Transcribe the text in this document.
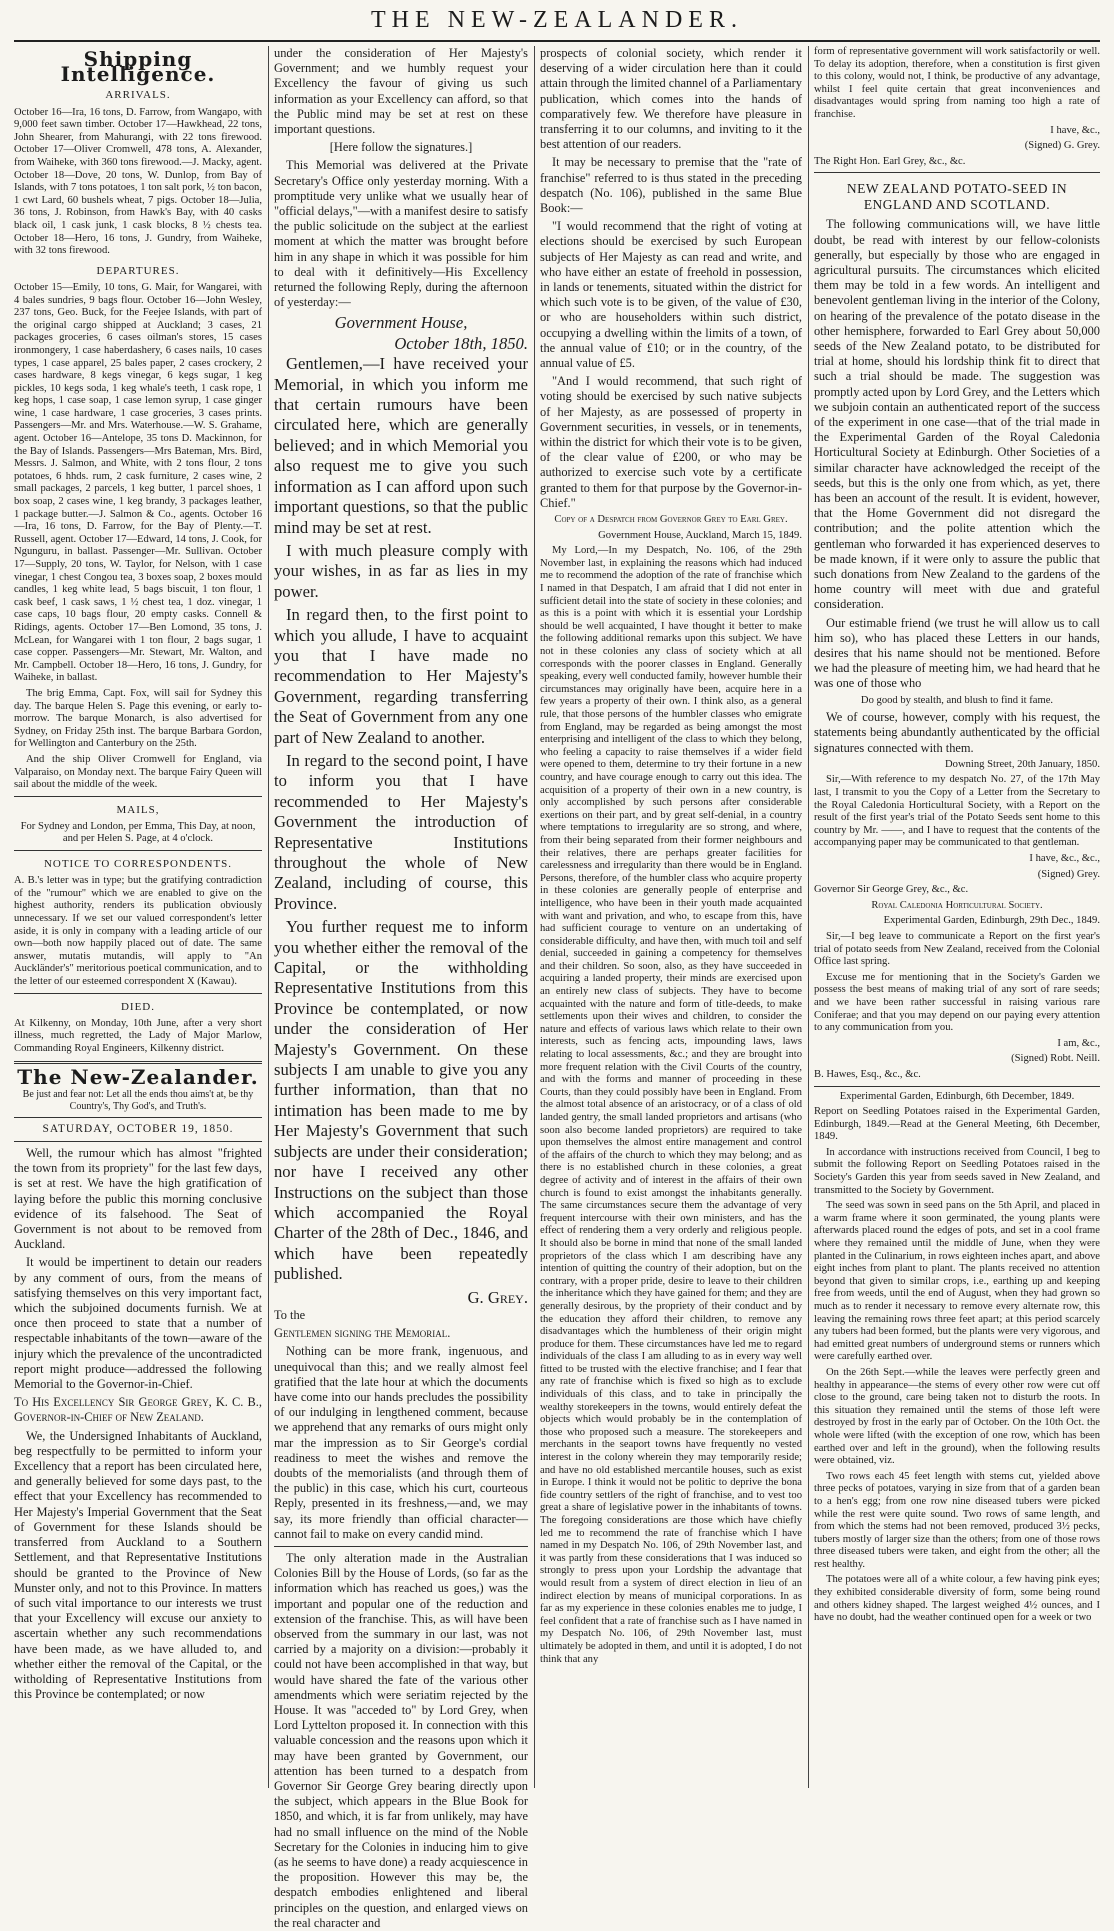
THE NEW-ZEALANDER.
Shipping Intelligence.
ARRIVALS.

October 16—Ira, 16 tons, D. Farrow, from Wangapo, with 9,000 feet sawn timber. October 17—Hawkhead, 22 tons, John Shearer, from Mahurangi, with 22 tons firewood. October 17—Oliver Cromwell, 478 tons, A. Alexander, from Waiheke, with 360 tons firewood.—J. Macky, agent. October 18—Dove, 20 tons, W. Dunlop, from Bay of Islands, with 7 tons potatoes, 1 ton salt pork, ½ ton bacon, 1 cwt Lard, 60 bushels wheat, 7 pigs. October 18—Julia, 36 tons, J. Robinson, from Hawk's Bay, with 40 casks black oil, 1 cask junk, 1 cask blocks, 8 ½ chests tea. October 18—Hero, 16 tons, J. Gundry, from Waiheke, with 32 tons firewood.

DEPARTURES.

October 15—Emily, 10 tons, G. Mair, for Wangarei, with 4 bales sundries, 9 bags flour. October 16—John Wesley, 237 tons, Geo. Buck, for the Feejee Islands, with part of the original cargo shipped at Auckland; 3 cases, 21 packages groceries, 6 cases oilman's stores, 15 cases ironmongery, 1 case haberdashery, 6 cases nails, 10 cases types, 1 case apparel, 25 bales paper, 2 cases crockery, 2 cases hardware, 8 kegs vinegar, 6 kegs sugar, 1 keg pickles, 10 kegs soda, 1 keg whale's teeth, 1 cask rope, 1 keg hops, 1 case soap, 1 case lemon syrup, 1 case ginger wine, 1 case hardware, 1 case groceries, 3 cases prints. Passengers—Mr. and Mrs. Waterhouse.—W. S. Grahame, agent. October 16—Antelope, 35 tons D. Mackinnon, for the Bay of Islands. Passengers—Mrs Bateman, Mrs. Bird, Messrs. J. Salmon, and White, with 2 tons flour, 2 tons potatoes, 6 hhds. rum, 2 cask furniture, 2 cases wine, 2 small packages, 2 parcels, 1 keg butter, 1 parcel shoes, 1 box soap, 2 cases wine, 1 keg brandy, 3 packages leather, 1 package butter.—J. Salmon & Co., agents. October 16—Ira, 16 tons, D. Farrow, for the Bay of Plenty.—T. Russell, agent. October 17—Edward, 14 tons, J. Cook, for Ngunguru, in ballast. Passenger—Mr. Sullivan. October 17—Supply, 20 tons, W. Taylor, for Nelson, with 1 case vinegar, 1 chest Congou tea, 3 boxes soap, 2 boxes mould candles, 1 keg white lead, 5 bags biscuit, 1 ton flour, 1 cask beef, 1 cask saws, 1 ½ chest tea, 1 doz. vinegar, 1 case caps, 10 bags flour, 20 empty casks. Connell & Ridings, agents. October 17—Ben Lomond, 35 tons, J. McLean, for Wangarei with 1 ton flour, 2 bags sugar, 1 case copper. Passengers—Mr. Stewart, Mr. Walton, and Mr. Campbell. October 18—Hero, 16 tons, J. Gundry, for Waiheke, in ballast.

The brig Emma, Capt. Fox, will sail for Sydney this day. The barque Helen S. Page this evening, or early to-morrow. The barque Monarch, is also advertised for Sydney, on Friday 25th inst. The barque Barbara Gordon, for Wellington and Canterbury on the 25th.

And the ship Oliver Cromwell for England, via Valparaiso, on Monday next. The barque Fairy Queen will sail about the middle of the week.

MAILS,

For Sydney and London, per Emma, This Day, at noon, and per Helen S. Page, at 4 o'clock.

NOTICE TO CORRESPONDENTS.

A. B.'s letter was in type; but the gratifying contradiction of the "rumour" which we are enabled to give on the highest authority, renders its publication obviously unnecessary. If we set our valued correspondent's letter aside, it is only in company with a leading article of our own—both now happily placed out of date. The same answer, mutatis mutandis, will apply to "An Auckländer's" meritorious poetical communication, and to the letter of our esteemed correspondent X (Kawau).

DIED.

At Kilkenny, on Monday, 10th June, after a very short illness, much regretted, the Lady of Major Marlow, Commanding Royal Engineers, Kilkenny district.

The New-Zealander.

Be just and fear not: Let all the ends thou aims't at, be thy Country's, Thy God's, and Truth's.

SATURDAY, OCTOBER 19, 1850.

Well, the rumour which has almost "frighted the town from its propriety" for the last few days, is set at rest. We have the high gratification of laying before the public this morning conclusive evidence of its falsehood. The Seat of Government is not about to be removed from Auckland.

It would be impertinent to detain our readers by any comment of ours, from the means of satisfying themselves on this very important fact, which the subjoined documents furnish. We at once then proceed to state that a number of respectable inhabitants of the town—aware of the injury which the prevalence of the uncontradicted report might produce—addressed the following Memorial to the Governor-in-Chief.

To His Excellency Sir George Grey, K. C. B., Governor-in-Chief of New Zealand.

We, the Undersigned Inhabitants of Auckland, beg respectfully to be permitted to inform your Excellency that a report has been circulated here, and generally believed for some days past, to the effect that your Excellency has recommended to Her Majesty's Imperial Government that the Seat of Government for these Islands should be transferred from Auckland to a Southern Settlement, and that Representative Institutions should be granted to the Province of New Munster only, and not to this Province. In matters of such vital importance to our interests we trust that your Excellency will excuse our anxiety to ascertain whether any such recommendations have been made, as we have alluded to, and whether either the removal of the Capital, or the witholding of Representative Institutions from this Province be contemplated; or now

under the consideration of Her Majesty's Government; and we humbly request your Excellency the favour of giving us such information as your Excellency can afford, so that the Public mind may be set at rest on these important questions.

[Here follow the signatures.]

This Memorial was delivered at the Private Secretary's Office only yesterday morning. With a promptitude very unlike what we usually hear of "official delays,"—with a manifest desire to satisfy the public solicitude on the subject at the earliest moment at which the matter was brought before him in any shape in which it was possible for him to deal with it definitively—His Excellency returned the following Reply, during the afternoon of yesterday:—

Government House,
October 18th, 1850.

Gentlemen,—I have received your Memorial, in which you inform me that certain rumours have been circulated here, which are generally believed; and in which Memorial you also request me to give you such information as I can afford upon such important questions, so that the public mind may be set at rest.

I with much pleasure comply with your wishes, in as far as lies in my power.

In regard then, to the first point to which you allude, I have to acquaint you that I have made no recommendation to Her Majesty's Government, regarding transferring the Seat of Government from any one part of New Zealand to another.

In regard to the second point, I have to inform you that I have recommended to Her Majesty's Government the introduction of Representative Institutions throughout the whole of New Zealand, including of course, this Province.

You further request me to inform you whether either the removal of the Capital, or the withholding Representative Institutions from this Province be contemplated, or now under the consideration of Her Majesty's Government. On these subjects I am unable to give you any further information, than that no intimation has been made to me by Her Majesty's Government that such subjects are under their consideration; nor have I received any other Instructions on the subject than those which accompanied the Royal Charter of the 28th of Dec., 1846, and which have been repeatedly published.

G. Grey.

To the

Gentlemen signing the Memorial.

Nothing can be more frank, ingenuous, and unequivocal than this; and we really almost feel gratified that the late hour at which the documents have come into our hands precludes the possibility of our indulging in lengthened comment, because we apprehend that any remarks of ours might only mar the impression as to Sir George's cordial readiness to meet the wishes and remove the doubts of the memorialists (and through them of the public) in this case, which his curt, courteous Reply, presented in its freshness,—and, we may say, its more friendly than official character—cannot fail to make on every candid mind.

The only alteration made in the Australian Colonies Bill by the House of Lords, (so far as the information which has reached us goes,) was the important and popular one of the reduction and extension of the franchise. This, as will have been observed from the summary in our last, was not carried by a majority on a division:—probably it could not have been accomplished in that way, but would have shared the fate of the various other amendments which were seriatim rejected by the House. It was "acceded to" by Lord Grey, when Lord Lyttelton proposed it. In connection with this valuable concession and the reasons upon which it may have been granted by Government, our attention has been turned to a despatch from Governor Sir George Grey bearing directly upon the subject, which appears in the Blue Book for 1850, and which, it is far from unlikely, may have had no small influence on the mind of the Noble Secretary for the Colonies in inducing him to give (as he seems to have done) a ready acquiescence in the proposition. However this may be, the despatch embodies enlightened and liberal principles on the question, and enlarged views on the real character and

prospects of colonial society, which render it deserving of a wider circulation here than it could attain through the limited channel of a Parliamentary publication, which comes into the hands of comparatively few. We therefore have pleasure in transferring it to our columns, and inviting to it the best attention of our readers.

It may be necessary to premise that the "rate of franchise" referred to is thus stated in the preceding despatch (No. 106), published in the same Blue Book:—

"I would recommend that the right of voting at elections should be exercised by such European subjects of Her Majesty as can read and write, and who have either an estate of freehold in possession, in lands or tenements, situated within the district for which such vote is to be given, of the value of £30, or who are householders within such district, occupying a dwelling within the limits of a town, of the annual value of £10; or in the country, of the annual value of £5.

"And I would recommend, that such right of voting should be exercised by such native subjects of her Majesty, as are possessed of property in Government securities, in vessels, or in tenements, within the district for which their vote is to be given, of the clear value of £200, or who may be authorized to exercise such vote by a certificate granted to them for that purpose by the Governor-in-Chief."

Copy of a Despatch from Governor Grey to Earl Grey.

Government House, Auckland, March 15, 1849.

My Lord,—In my Despatch, No. 106, of the 29th November last, in explaining the reasons which had induced me to recommend the adoption of the rate of franchise which I named in that Despatch, I am afraid that I did not enter in sufficient detail into the state of society in these colonies; and as this is a point with which it is essential your Lordship should be well acquainted, I have thought it better to make the following additional remarks upon this subject. We have not in these colonies any class of society which at all corresponds with the poorer classes in England. Generally speaking, every well conducted family, however humble their circumstances may originally have been, acquire here in a few years a property of their own. I think also, as a general rule, that those persons of the humbler classes who emigrate from England, may be regarded as being amongst the most enterprising and intelligent of the class to which they belong, who feeling a capacity to raise themselves if a wider field were opened to them, determine to try their fortune in a new country, and have courage enough to carry out this idea. The acquisition of a property of their own in a new country, is only accomplished by such persons after considerable exertions on their part, and by great self-denial, in a country where temptations to irregularity are so strong, and where, from their being separated from their former neighbours and their relatives, there are perhaps greater facilities for carelessness and irregularity than there would be in England. Persons, therefore, of the humbler class who acquire property in these colonies are generally people of enterprise and intelligence, who have been in their youth made acquainted with want and privation, and who, to escape from this, have had sufficient courage to venture on an undertaking of considerable difficulty, and have then, with much toil and self denial, succeeded in gaining a competency for themselves and their children. So soon, also, as they have succeeded in acquiring a landed property, their minds are exercised upon an entirely new class of subjects. They have to become acquainted with the nature and form of title-deeds, to make settlements upon their wives and children, to consider the nature and effects of various laws which relate to their own interests, such as fencing acts, impounding laws, laws relating to local assessments, &c.; and they are brought into more frequent relation with the Civil Courts of the country, and with the forms and manner of proceeding in these Courts, than they could possibly have been in England. From the almost total absence of an aristocracy, or of a class of old landed gentry, the small landed proprietors and artisans (who soon also become landed proprietors) are required to take upon themselves the almost entire management and control of the affairs of the church to which they may belong; and as there is no established church in these colonies, a great degree of activity and of interest in the affairs of their own church is found to exist amongst the inhabitants generally. The same circumstances secure them the advantage of very frequent intercourse with their own ministers, and has the effect of rendering them a very orderly and religious people. It should also be borne in mind that none of the small landed proprietors of the class which I am describing have any intention of quitting the country of their adoption, but on the contrary, with a proper pride, desire to leave to their children the inheritance which they have gained for them; and they are generally desirous, by the propriety of their conduct and by the education they afford their children, to remove any disadvantages which the humbleness of their origin might produce for them. These circumstances have led me to regard individuals of the class I am alluding to as in every way well fitted to be trusted with the elective franchise; and I fear that any rate of franchise which is fixed so high as to exclude individuals of this class, and to take in principally the wealthy storekeepers in the towns, would entirely defeat the objects which would probably be in the contemplation of those who proposed such a measure. The storekeepers and merchants in the seaport towns have frequently no vested interest in the colony wherein they may temporarily reside; and have no old established mercantile houses, such as exist in Europe. I think it would not be politic to deprive the bona fide country settlers of the right of franchise, and to vest too great a share of legislative power in the inhabitants of towns. The foregoing considerations are those which have chiefly led me to recommend the rate of franchise which I have named in my Despatch No. 106, of 29th November last, and it was partly from these considerations that I was induced so strongly to press upon your Lordship the advantage that would result from a system of direct election in lieu of an indirect election by means of municipal corporations. In as far as my experience in these colonies enables me to judge, I feel confident that a rate of franchise such as I have named in my Despatch No. 106, of 29th November last, must ultimately be adopted in them, and until it is adopted, I do not think that any

form of representative government will work satisfactorily or well. To delay its adoption, therefore, when a constitution is first given to this colony, would not, I think, be productive of any advantage, whilst I feel quite certain that great inconveniences and disadvantages would spring from naming too high a rate of franchise.

I have, &c.,

(Signed) G. Grey.

The Right Hon. Earl Grey, &c., &c.

NEW ZEALAND POTATO-SEED IN ENGLAND AND SCOTLAND.

The following communications will, we have little doubt, be read with interest by our fellow-colonists generally, but especially by those who are engaged in agricultural pursuits. The circumstances which elicited them may be told in a few words. An intelligent and benevolent gentleman living in the interior of the Colony, on hearing of the prevalence of the potato disease in the other hemisphere, forwarded to Earl Grey about 50,000 seeds of the New Zealand potato, to be distributed for trial at home, should his lordship think fit to direct that such a trial should be made. The suggestion was promptly acted upon by Lord Grey, and the Letters which we subjoin contain an authenticated report of the success of the experiment in one case—that of the trial made in the Experimental Garden of the Royal Caledonia Horticultural Society at Edinburgh. Other Societies of a similar character have acknowledged the receipt of the seeds, but this is the only one from which, as yet, there has been an account of the result. It is evident, however, that the Home Government did not disregard the contribution; and the polite attention which the gentleman who forwarded it has experienced deserves to be made known, if it were only to assure the public that such donations from New Zealand to the gardens of the home country will meet with due and grateful consideration.

Our estimable friend (we trust he will allow us to call him so), who has placed these Letters in our hands, desires that his name should not be mentioned. Before we had the pleasure of meeting him, we had heard that he was one of those who

Do good by stealth, and blush to find it fame.

We of course, however, comply with his request, the statements being abundantly authenticated by the official signatures connected with them.

Downing Street, 20th January, 1850.

Sir,—With reference to my despatch No. 27, of the 17th May last, I transmit to you the Copy of a Letter from the Secretary to the Royal Caledonia Horticultural Society, with a Report on the result of the first year's trial of the Potato Seeds sent home to this country by Mr. ——, and I have to request that the contents of the accompanying paper may be communicated to that gentleman.

I have, &c., &c.,

(Signed) Grey.

Governor Sir George Grey, &c., &c.

Royal Caledonia Horticultural Society.

Experimental Garden, Edinburgh, 29th Dec., 1849.

Sir,—I beg leave to communicate a Report on the first year's trial of potato seeds from New Zealand, received from the Colonial Office last spring.

Excuse me for mentioning that in the Society's Garden we possess the best means of making trial of any sort of rare seeds; and we have been rather successful in raising various rare Coniferae; and that you may depend on our paying every attention to any communication from you.

I am, &c.,

(Signed) Robt. Neill.

B. Hawes, Esq., &c., &c.

Experimental Garden, Edinburgh, 6th December, 1849.

Report on Seedling Potatoes raised in the Experimental Garden, Edinburgh, 1849.—Read at the General Meeting, 6th December, 1849.

In accordance with instructions received from Council, I beg to submit the following Report on Seedling Potatoes raised in the Society's Garden this year from seeds saved in New Zealand, and transmitted to the Society by Government.

The seed was sown in seed pans on the 5th April, and placed in a warm frame where it soon germinated, the young plants were afterwards placed round the edges of pots, and set in a cool frame where they remained until the middle of June, when they were planted in the Culinarium, in rows eighteen inches apart, and above eight inches from plant to plant. The plants received no attention beyond that given to similar crops, i.e., earthing up and keeping free from weeds, until the end of August, when they had grown so much as to render it necessary to remove every alternate row, this leaving the remaining rows three feet apart; at this period scarcely any tubers had been formed, but the plants were very vigorous, and had emitted great numbers of underground stems or runners which were carefully earthed over.

On the 26th Sept.—while the leaves were perfectly green and healthy in appearance—the stems of every other row were cut off close to the ground, care being taken not to disturb the roots. In this situation they remained until the stems of those left were destroyed by frost in the early par of October. On the 10th Oct. the whole were lifted (with the exception of one row, which has been earthed over and left in the ground), when the following results were obtained, viz.

Two rows each 45 feet length with stems cut, yielded above three pecks of potatoes, varying in size from that of a garden bean to a hen's egg; from one row nine diseased tubers were picked while the rest were quite sound. Two rows of same length, and from which the stems had not been removed, produced 3½ pecks, tubers mostly of larger size than the others; from one of those rows three diseased tubers were taken, and eight from the other; all the rest healthy.

The potatoes were all of a white colour, a few having pink eyes; they exhibited considerable diversity of form, some being round and others kidney shaped. The largest weighed 4½ ounces, and I have no doubt, had the weather continued open for a week or two
